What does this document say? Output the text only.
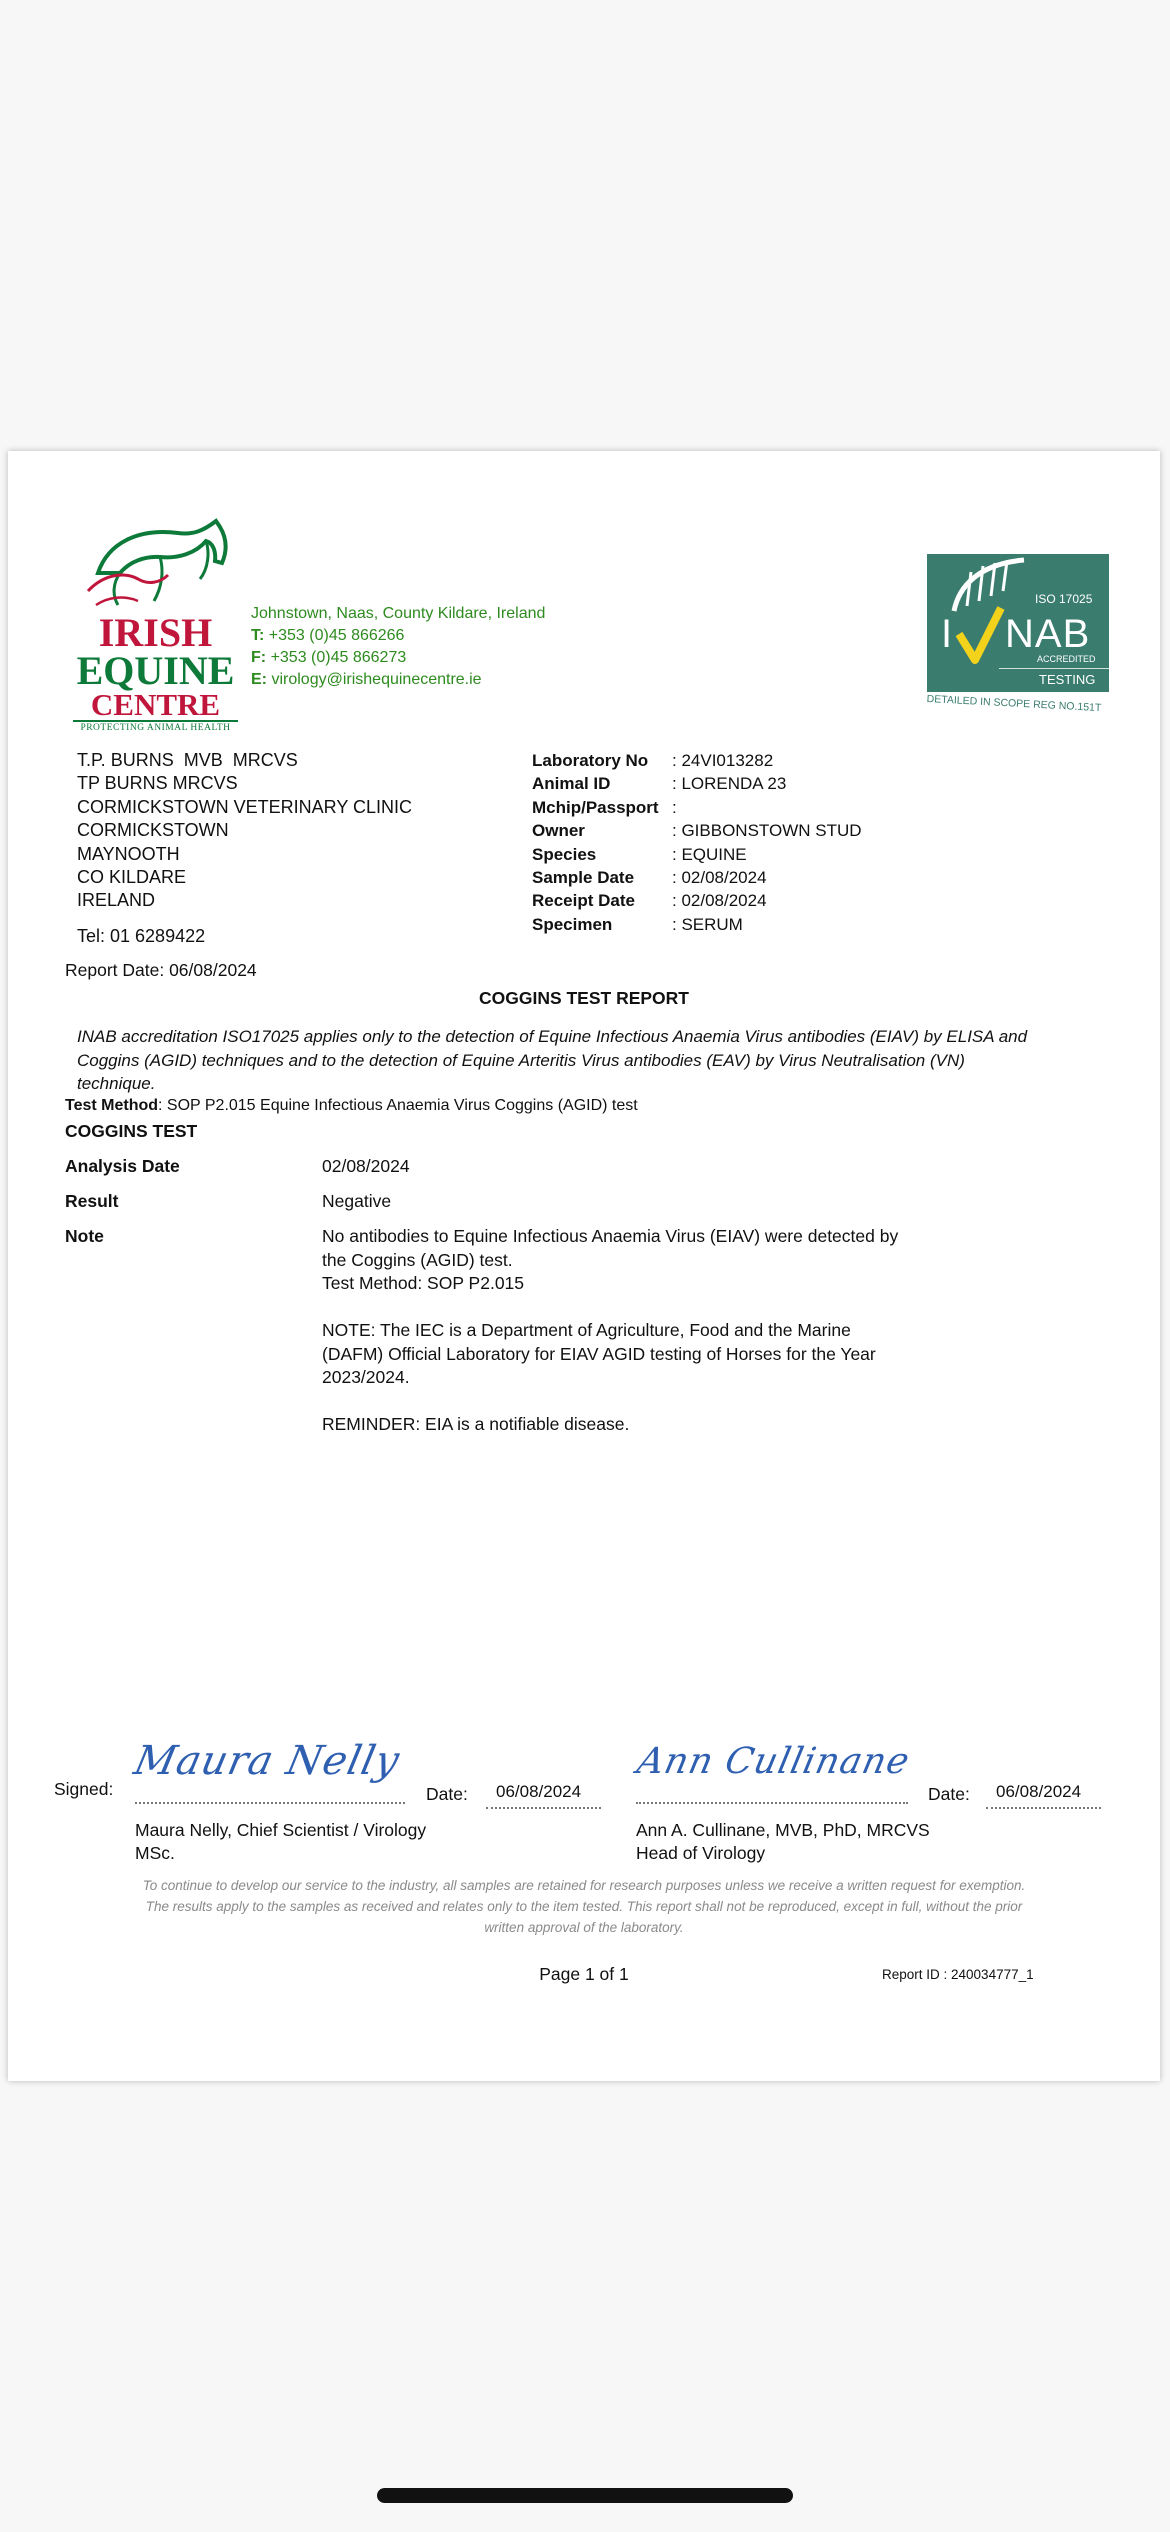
IRISH
EQUINE
CENTRE
PROTECTING ANIMAL HEALTH
Johnstown, Naas, County Kildare, Ireland
T: +353 (0)45 866266
F: +353 (0)45 866273
E: virology@irishequinecentre.ie
ISO 17025
I NAB
ACCREDITED
TESTING
DETAILED IN SCOPE REG NO.151T
T.P. BURNS  MVB  MRCVS
TP BURNS MRCVS
CORMICKSTOWN VETERINARY CLINIC
CORMICKSTOWN
MAYNOOTH
CO KILDARE
IRELAND
Tel: 01 6289422
Laboratory No	: 24VI013282
Animal ID	: LORENDA 23
Mchip/Passport :
Owner	: GIBBONSTOWN STUD
Species	: EQUINE
Sample Date	: 02/08/2024
Receipt Date	: 02/08/2024
Specimen	: SERUM
Report Date: 06/08/2024
COGGINS TEST REPORT
INAB accreditation ISO17025 applies only to the detection of Equine Infectious Anaemia Virus antibodies (EIAV) by ELISA and Coggins (AGID) techniques and to the detection of Equine Arteritis Virus antibodies (EAV) by Virus Neutralisation (VN) technique.
Test Method: SOP P2.015 Equine Infectious Anaemia Virus Coggins (AGID) test
COGGINS TEST
Analysis Date	02/08/2024
Result	Negative
Note	No antibodies to Equine Infectious Anaemia Virus (EIAV) were detected by
the Coggins (AGID) test.
Test Method: SOP P2.015
NOTE: The IEC is a Department of Agriculture, Food and the Marine
(DAFM) Official Laboratory for EIAV AGID testing of Horses for the Year
2023/2024.
REMINDER: EIA is a notifiable disease.
Signed:
Maura Nelly
Date: 06/08/2024
Maura Nelly, Chief Scientist / Virology
MSc.
Ann Cullinane
Date: 06/08/2024
Ann A. Cullinane, MVB, PhD, MRCVS
Head of Virology
To continue to develop our service to the industry, all samples are retained for research purposes unless we receive a written request for exemption.
The results apply to the samples as received and relates only to the item tested. This report shall not be reproduced, except in full, without the prior
written approval of the laboratory.
Page 1 of 1	Report ID : 240034777_1
